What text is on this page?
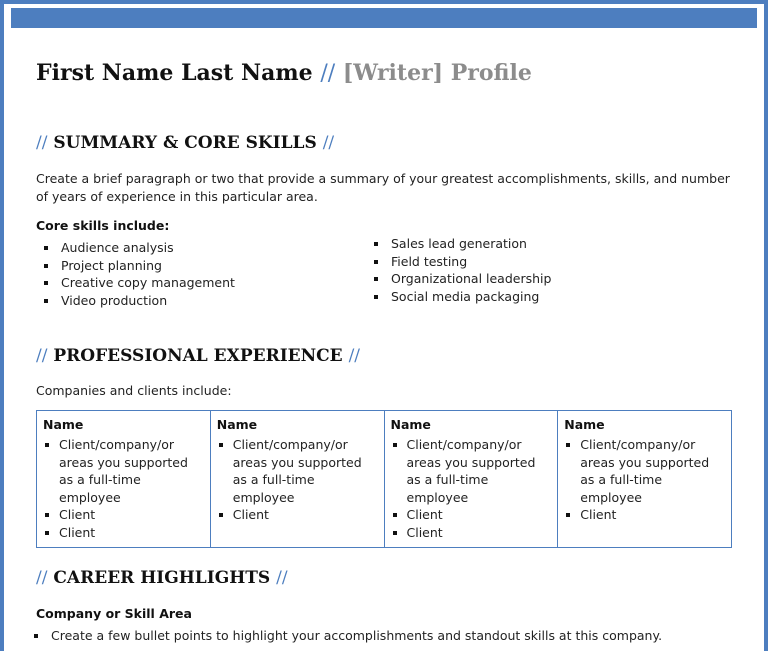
First Name Last Name // [Writer] Profile
// SUMMARY & CORE SKILLS //

Create a brief paragraph or two that provide a summary of your greatest accomplishments, skills, and number of years of experience in this particular area.

Core skills include:

Audience analysis
Project planning
Creative copy management
Video production
Sales lead generation
Field testing
Organizational leadership
Social media packaging
// PROFESSIONAL EXPERIENCE //

Companies and clients include:

Name

Client/company/or areas you supported as a full-time employee
Client
Client

Name

Client/company/or areas you supported as a full-time employee
Client

Name

Client/company/or areas you supported as a full-time employee
Client
Client

Name

Client/company/or areas you supported as a full-time employee
Client
// CAREER HIGHLIGHTS //

Company or Skill Area

Create a few bullet points to highlight your accomplishments and standout skills at this company.
